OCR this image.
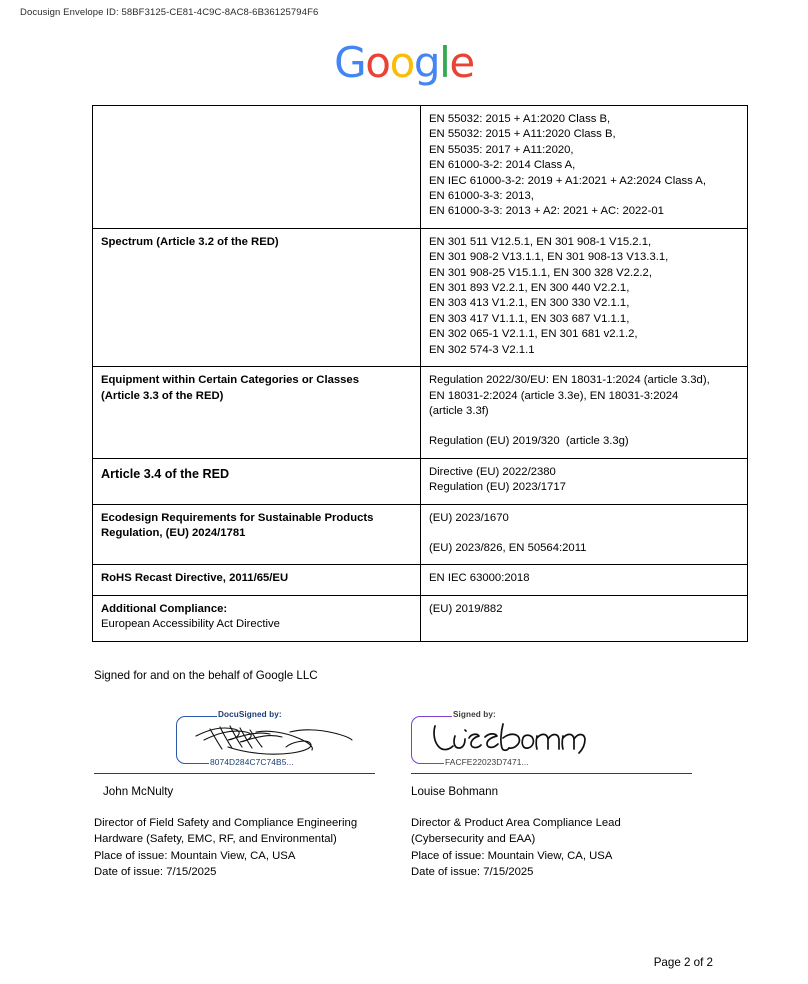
Docusign Envelope ID: 58BF3125-CE81-4C9C-8AC8-6B36125794F6
Google

EN 55032: 2015 + A1:2020 Class B,
EN 55032: 2015 + A11:2020 Class B,
EN 55035: 2017 + A11:2020,
EN 61000-3-2: 2014 Class A,
EN IEC 61000-3-2: 2019 + A1:2021 + A2:2024 Class A,
EN 61000-3-3: 2013,
EN 61000-3-3: 2013 + A2: 2021 + AC: 2022-01

Spectrum (Article 3.2 of the RED)	EN 301 511 V12.5.1, EN 301 908-1 V15.2.1,
EN 301 908-2 V13.1.1, EN 301 908-13 V13.3.1,
EN 301 908-25 V15.1.1, EN 300 328 V2.2.2,
EN 301 893 V2.2.1, EN 300 440 V2.2.1,
EN 303 413 V1.2.1, EN 300 330 V2.1.1,
EN 303 417 V1.1.1, EN 303 687 V1.1.1,
EN 302 065-1 V2.1.1, EN 301 681 v2.1.2,
EN 302 574-3 V2.1.1

Equipment within Certain Categories or Classes
(Article 3.3 of the RED)	Regulation 2022/30/EU: EN 18031-1:2024 (article 3.3d),
EN 18031-2:2024 (article 3.3e), EN 18031-3:2024
(article 3.3f)
Regulation (EU) 2019/320  (article 3.3g)

Article 3.4 of the RED	Directive (EU) 2022/2380
Regulation (EU) 2023/1717

Ecodesign Requirements for Sustainable Products
Regulation, (EU) 2024/1781	(EU) 2023/1670
(EU) 2023/826, EN 50564:2011

RoHS Recast Directive, 2011/65/EU	EN IEC 63000:2018

Additional Compliance:
European Accessibility Act Directive	(EU) 2019/882
Signed for and on the behalf of Google LLC
DocuSigned by:
8074D284C7C74B5...
Signed by:
FACFE22023D7471...
John McNulty	Louise Bohmann
Director of Field Safety and Compliance Engineering
Hardware (Safety, EMC, RF, and Environmental)
Place of issue: Mountain View, CA, USA
Date of issue: 7/15/2025
Director & Product Area Compliance Lead
(Cybersecurity and EAA)
Place of issue: Mountain View, CA, USA
Date of issue: 7/15/2025
Page 2 of 2
